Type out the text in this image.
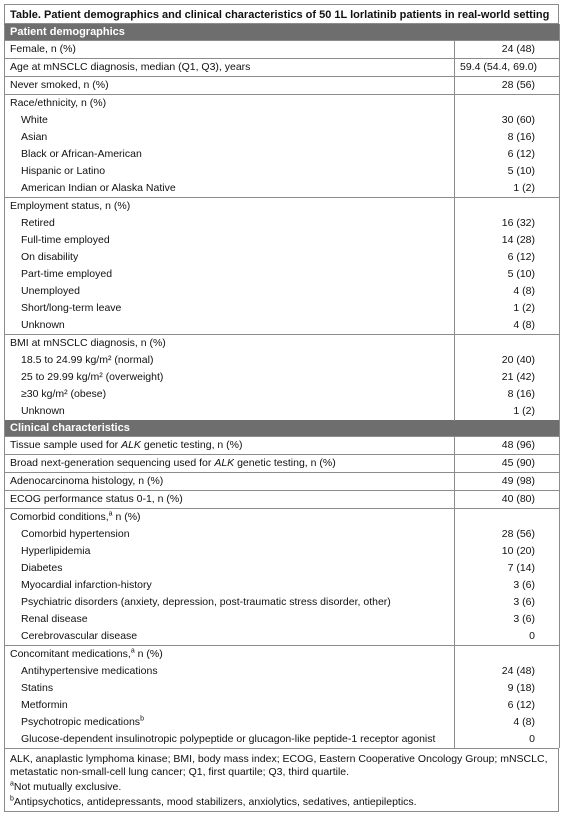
Table. Patient demographics and clinical characteristics of 50 1L lorlatinib patients in real-world setting
Patient demographics	
Female, n (%)	24 (48)
Age at mNSCLC diagnosis, median (Q1, Q3), years	59.4 (54.4, 69.0)
Never smoked, n (%)	28 (56)
Race/ethnicity, n (%)	
White	30 (60)
Asian	8 (16)
Black or African-American	6 (12)
Hispanic or Latino	5 (10)
American Indian or Alaska Native	1 (2)
Employment status, n (%)	
Retired	16 (32)
Full-time employed	14 (28)
On disability	6 (12)
Part-time employed	5 (10)
Unemployed	4 (8)
Short/long-term leave	1 (2)
Unknown	4 (8)
BMI at mNSCLC diagnosis, n (%)	
18.5 to 24.99 kg/m² (normal)	20 (40)
25 to 29.99 kg/m² (overweight)	21 (42)
≥30 kg/m² (obese)	8 (16)
Unknown	1 (2)
Clinical characteristics	
Tissue sample used for ALK genetic testing, n (%)	48 (96)
Broad next-generation sequencing used for ALK genetic testing, n (%)	45 (90)
Adenocarcinoma histology, n (%)	49 (98)
ECOG performance status 0-1, n (%)	40 (80)
Comorbid conditions,$^a$ n (%)	
Comorbid hypertension	28 (56)
Hyperlipidemia	10 (20)
Diabetes	7 (14)
Myocardial infarction-history	3 (6)
Psychiatric disorders (anxiety, depression, post-traumatic stress disorder, other)	3 (6)
Renal disease	3 (6)
Cerebrovascular disease	0
Concomitant medications,$^a$ n (%)	
Antihypertensive medications	24 (48)
Statins	9 (18)
Metformin	6 (12)
Psychotropic medications$^b$	4 (8)
Glucose-dependent insulinotropic polypeptide or glucagon-like peptide-1 receptor agonist	0
ALK, anaplastic lymphoma kinase; BMI, body mass index; ECOG, Eastern Cooperative Oncology Group; mNSCLC, metastatic non-small-cell lung cancer; Q1, first quartile; Q3, third quartile.
$^a$Not mutually exclusive.
$^b$Antipsychotics, antidepressants, mood stabilizers, anxiolytics, sedatives, antiepileptics.
